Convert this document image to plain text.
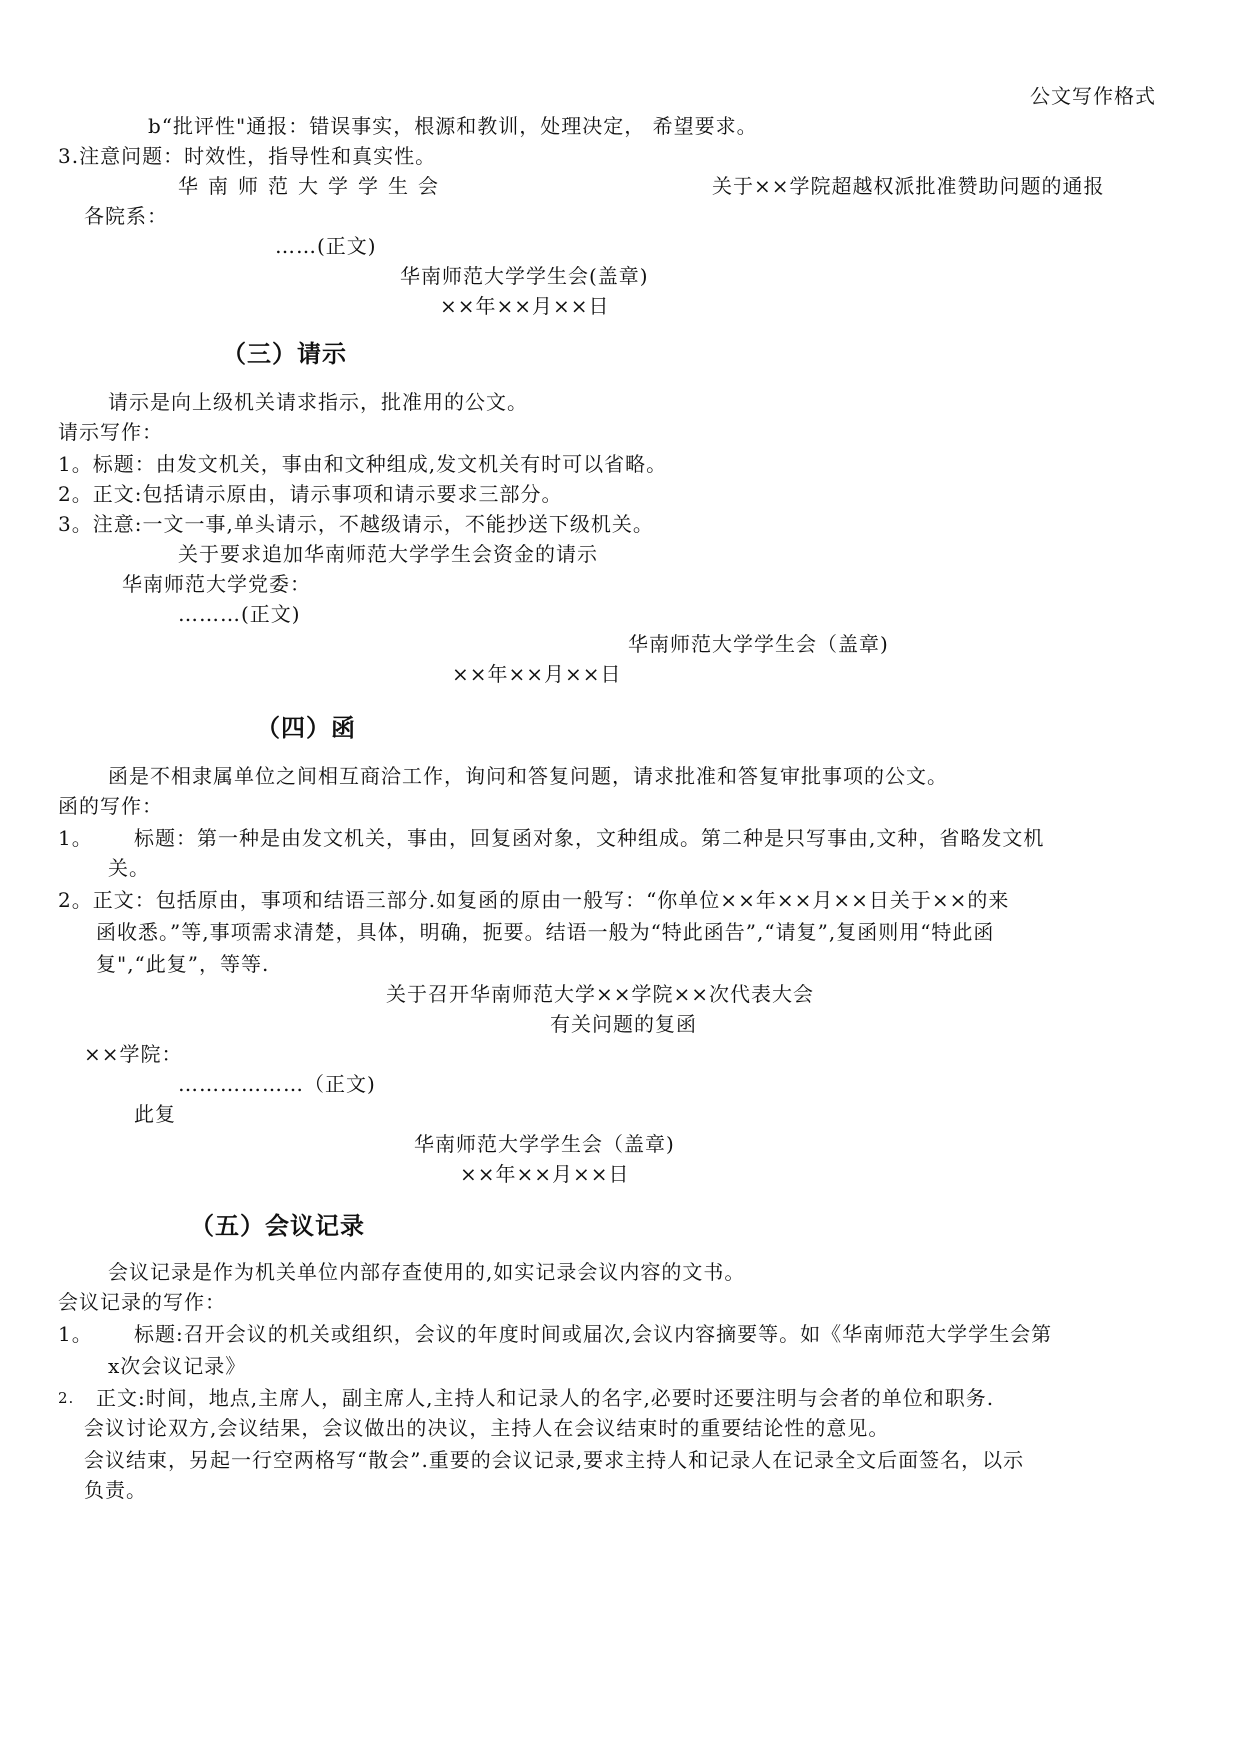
公文写作格式
b“批评性"通报：错误事实，根源和教训，处理决定， 希望要求。
3.注意问题：时效性，指导性和真实性。
华南师范大学学生会	关于××学院超越权派批准赞助问题的通报
各院系：
……(正文)
华南师范大学学生会(盖章)
××年××月××日
（三）请示
请示是向上级机关请求指示，批准用的公文。
请示写作：
1。标题：由发文机关，事由和文种组成,发文机关有时可以省略。
2。正文:包括请示原由，请示事项和请示要求三部分。
3。注意:一文一事,单头请示，不越级请示，不能抄送下级机关。
关于要求追加华南师范大学学生会资金的请示
华南师范大学党委：
………(正文)
华南师范大学学生会（盖章)
××年××月××日
（四）函
函是不相隶属单位之间相互商洽工作，询问和答复问题，请求批准和答复审批事项的公文。
函的写作：
1。 标题：第一种是由发文机关，事由，回复函对象，文种组成。第二种是只写事由,文种，省略发文机
关。
2。正文：包括原由，事项和结语三部分.如复函的原由一般写：“你单位××年××月××日关于××的来
函收悉。”等,事项需求清楚，具体，明确，扼要。结语一般为“特此函告”,“请复”,复函则用“特此函
复",“此复”，等等.
关于召开华南师范大学××学院××次代表大会
有关问题的复函
××学院：
………………（正文)
此复
华南师范大学学生会（盖章)
××年××月××日
（五）会议记录
会议记录是作为机关单位内部存查使用的,如实记录会议内容的文书。
会议记录的写作：
1。 标题:召开会议的机关或组织，会议的年度时间或届次,会议内容摘要等。如《华南师范大学学生会第
x次会议记录》
2. 正文:时间，地点,主席人，副主席人,主持人和记录人的名字,必要时还要注明与会者的单位和职务.
会议讨论双方,会议结果，会议做出的决议，主持人在会议结束时的重要结论性的意见。
会议结束，另起一行空两格写“散会”.重要的会议记录,要求主持人和记录人在记录全文后面签名，以示
负责。
